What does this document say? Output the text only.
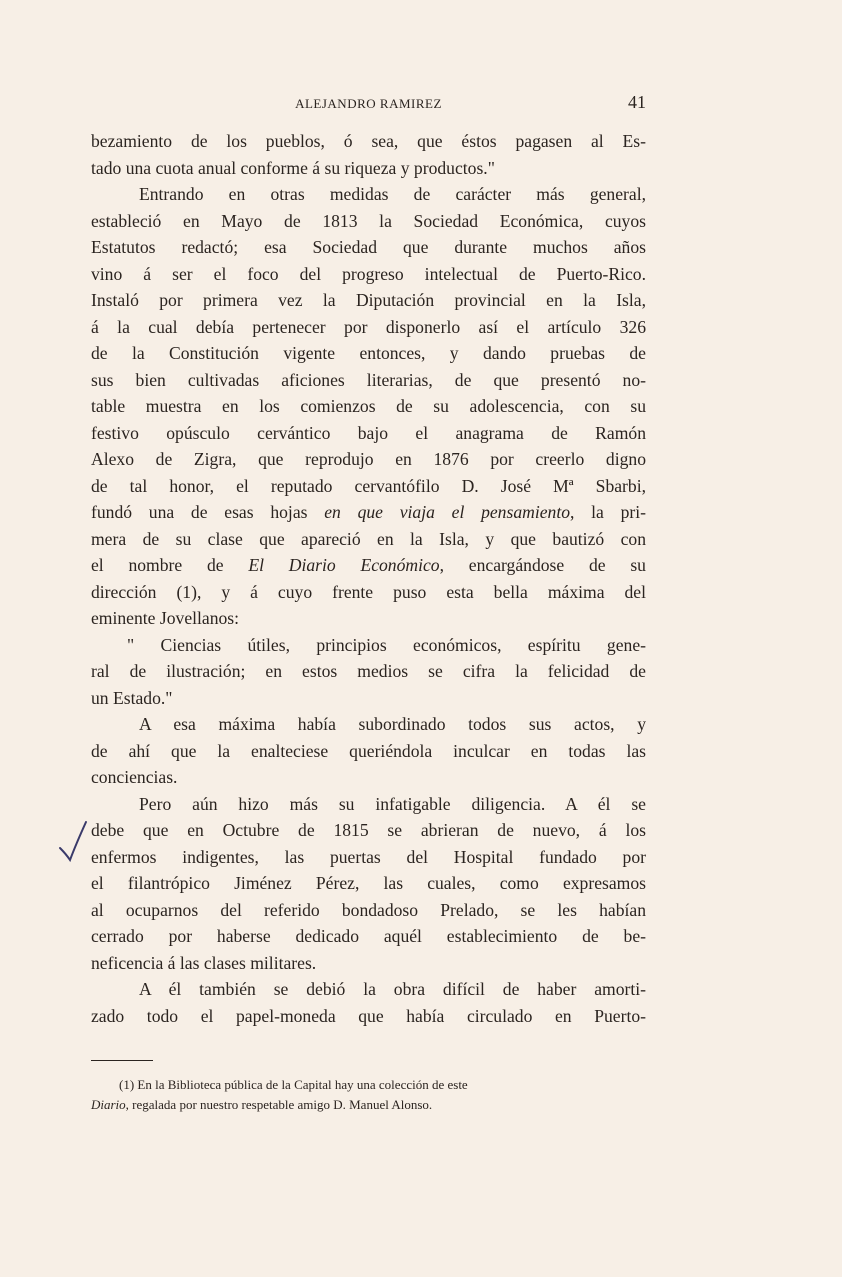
ALEJANDRO RAMIREZ	41
bezamiento de los pueblos, ó sea, que éstos pagasen al Es-
tado una cuota anual conforme á su riqueza y productos."
Entrando en otras medidas de carácter más general,
estableció en Mayo de 1813 la Sociedad Económica, cuyos
Estatutos redactó; esa Sociedad que durante muchos años
vino á ser el foco del progreso intelectual de Puerto-Rico.
Instaló por primera vez la Diputación provincial en la Isla,
á la cual debía pertenecer por disponerlo así el artículo 326
de la Constitución vigente entonces, y dando pruebas de
sus bien cultivadas aficiones literarias, de que presentó no-
table muestra en los comienzos de su adolescencia, con su
festivo opúsculo cervántico bajo el anagrama de Ramón
Alexo de Zigra, que reprodujo en 1876 por creerlo digno
de tal honor, el reputado cervantófilo D. José Mª Sbarbi,
fundó una de esas hojas en que viaja el pensamiento, la pri-
mera de su clase que apareció en la Isla, y que bautizó con
el nombre de El Diario Económico, encargándose de su
dirección (1), y á cuyo frente puso esta bella máxima del
eminente Jovellanos:
" Ciencias útiles, principios económicos, espíritu gene-
ral de ilustración; en estos medios se cifra la felicidad de
un Estado."
A esa máxima había subordinado todos sus actos, y
de ahí que la enalteciese queriéndola inculcar en todas las
conciencias.
Pero aún hizo más su infatigable diligencia. A él se
debe que en Octubre de 1815 se abrieran de nuevo, á los
enfermos indigentes, las puertas del Hospital fundado por
el filantrópico Jiménez Pérez, las cuales, como expresamos
al ocuparnos del referido bondadoso Prelado, se les habían
cerrado por haberse dedicado aquél establecimiento de be-
neficencia á las clases militares.
A él también se debió la obra difícil de haber amorti-
zado todo el papel-moneda que había circulado en Puerto-
(1) En la Biblioteca pública de la Capital hay una colección de este
Diario, regalada por nuestro respetable amigo D. Manuel Alonso.
